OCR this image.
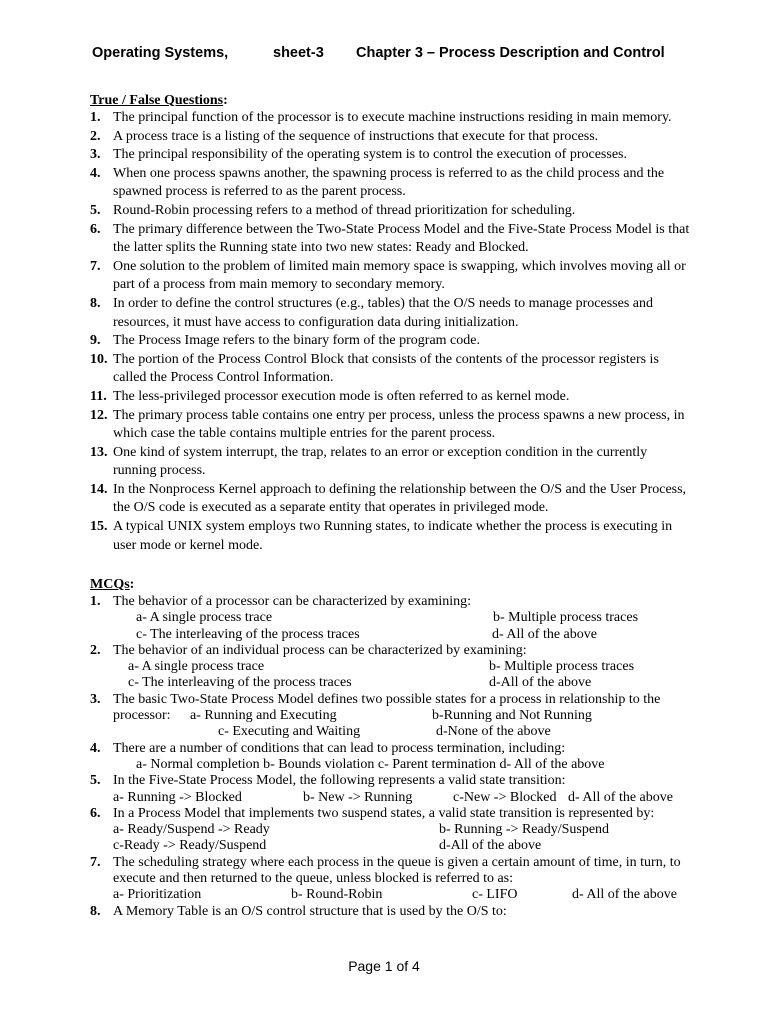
Operating Systems,	sheet-3 Chapter 3 – Process Description and Control
True / False Questions:
1. The principal function of the processor is to execute machine instructions residing in main memory.
2. A process trace is a listing of the sequence of instructions that execute for that process.
3. The principal responsibility of the operating system is to control the execution of processes.
4. When one process spawns another, the spawning process is referred to as the child process and the spawned process is referred to as the parent process.
5. Round-Robin processing refers to a method of thread prioritization for scheduling.
6. The primary difference between the Two-State Process Model and the Five-State Process Model is that the latter splits the Running state into two new states: Ready and Blocked.
7. One solution to the problem of limited main memory space is swapping, which involves moving all or part of a process from main memory to secondary memory.
8. In order to define the control structures (e.g., tables) that the O/S needs to manage processes and resources, it must have access to configuration data during initialization.
9. The Process Image refers to the binary form of the program code.
10. The portion of the Process Control Block that consists of the contents of the processor registers is called the Process Control Information.
11. The less-privileged processor execution mode is often referred to as kernel mode.
12. The primary process table contains one entry per process, unless the process spawns a new process, in which case the table contains multiple entries for the parent process.
13. One kind of system interrupt, the trap, relates to an error or exception condition in the currently running process.
14. In the Nonprocess Kernel approach to defining the relationship between the O/S and the User Process, the O/S code is executed as a separate entity that operates in privileged mode.
15. A typical UNIX system employs two Running states, to indicate whether the process is executing in user mode or kernel mode.
MCQs:
1. The behavior of a processor can be characterized by examining:
a- A single process trace	b- Multiple process traces
c- The interleaving of the process traces	d- All of the above
2. The behavior of an individual process can be characterized by examining:
a- A single process trace	b- Multiple process traces
c- The interleaving of the process traces	d-All of the above
3. The basic Two-State Process Model defines two possible states for a process in relationship to the
processor: a- Running and Executing	b-Running and Not Running
c- Executing and Waiting	d-None of the above
4. There are a number of conditions that can lead to process termination, including:
a- Normal completion b- Bounds violation c- Parent termination d- All of the above
5. In the Five-State Process Model, the following represents a valid state transition:
a- Running -> Blocked	b- New -> Running	c-New -> Blocked d- All of the above
6. In a Process Model that implements two suspend states, a valid state transition is represented by:
a- Ready/Suspend -> Ready	b- Running -> Ready/Suspend
c-Ready -> Ready/Suspend	d-All of the above
7. The scheduling strategy where each process in the queue is given a certain amount of time, in turn, to execute and then returned to the queue, unless blocked is referred to as:
a- Prioritization	b- Round-Robin	c- LIFO	d- All of the above
8. A Memory Table is an O/S control structure that is used by the O/S to:
Page 1 of 4
